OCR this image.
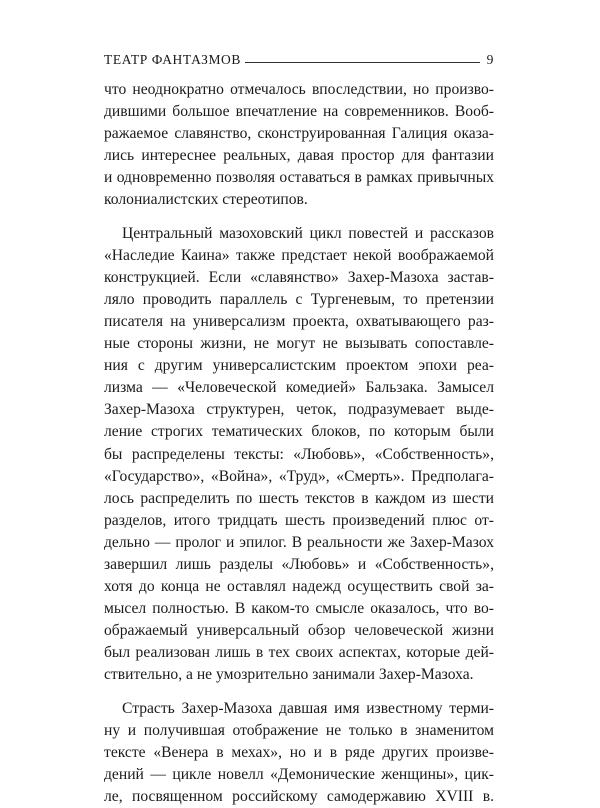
ТЕАТР ФАНТАЗМОВ	9
что неоднократно отмечалось впоследствии, но произво-
дившими большое впечатление на современников. Вооб-
ражаемое славянство, сконструированная Галиция оказа-
лись интереснее реальных, давая простор для фантазии
и одновременно позволяя оставаться в рамках привычных
колониалистских стереотипов.
Центральный мазоховский цикл повестей и рассказов
«Наследие Каина» также предстает некой воображаемой
конструкцией. Если «славянство» Захер-Мазоха застав-
ляло проводить параллель с Тургеневым, то претензии
писателя на универсализм проекта, охватывающего раз-
ные стороны жизни, не могут не вызывать сопоставле-
ния с другим универсалистским проектом эпохи реа-
лизма — «Человеческой комедией» Бальзака. Замысел
Захер-Мазоха структурен, четок, подразумевает выде-
ление строгих тематических блоков, по которым были
бы распределены тексты: «Любовь», «Собственность»,
«Государство», «Война», «Труд», «Смерть». Предполага-
лось распределить по шесть текстов в каждом из шести
разделов, итого тридцать шесть произведений плюс от-
дельно — пролог и эпилог. В реальности же Захер-Мазох
завершил лишь разделы «Любовь» и «Собственность»,
хотя до конца не оставлял надежд осуществить свой за-
мысел полностью. В каком-то смысле оказалось, что во-
ображаемый универсальный обзор человеческой жизни
был реализован лишь в тех своих аспектах, которые дей-
ствительно, а не умозрительно занимали Захер-Мазоха.
Страсть Захер-Мазоха давшая имя известному терми-
ну и получившая отображение не только в знаменитом
тексте «Венера в мехах», но и в ряде других произве-
дений — цикле новелл «Демонические женщины», цик-
ле, посвященном российскому самодержавию XVIII в.
